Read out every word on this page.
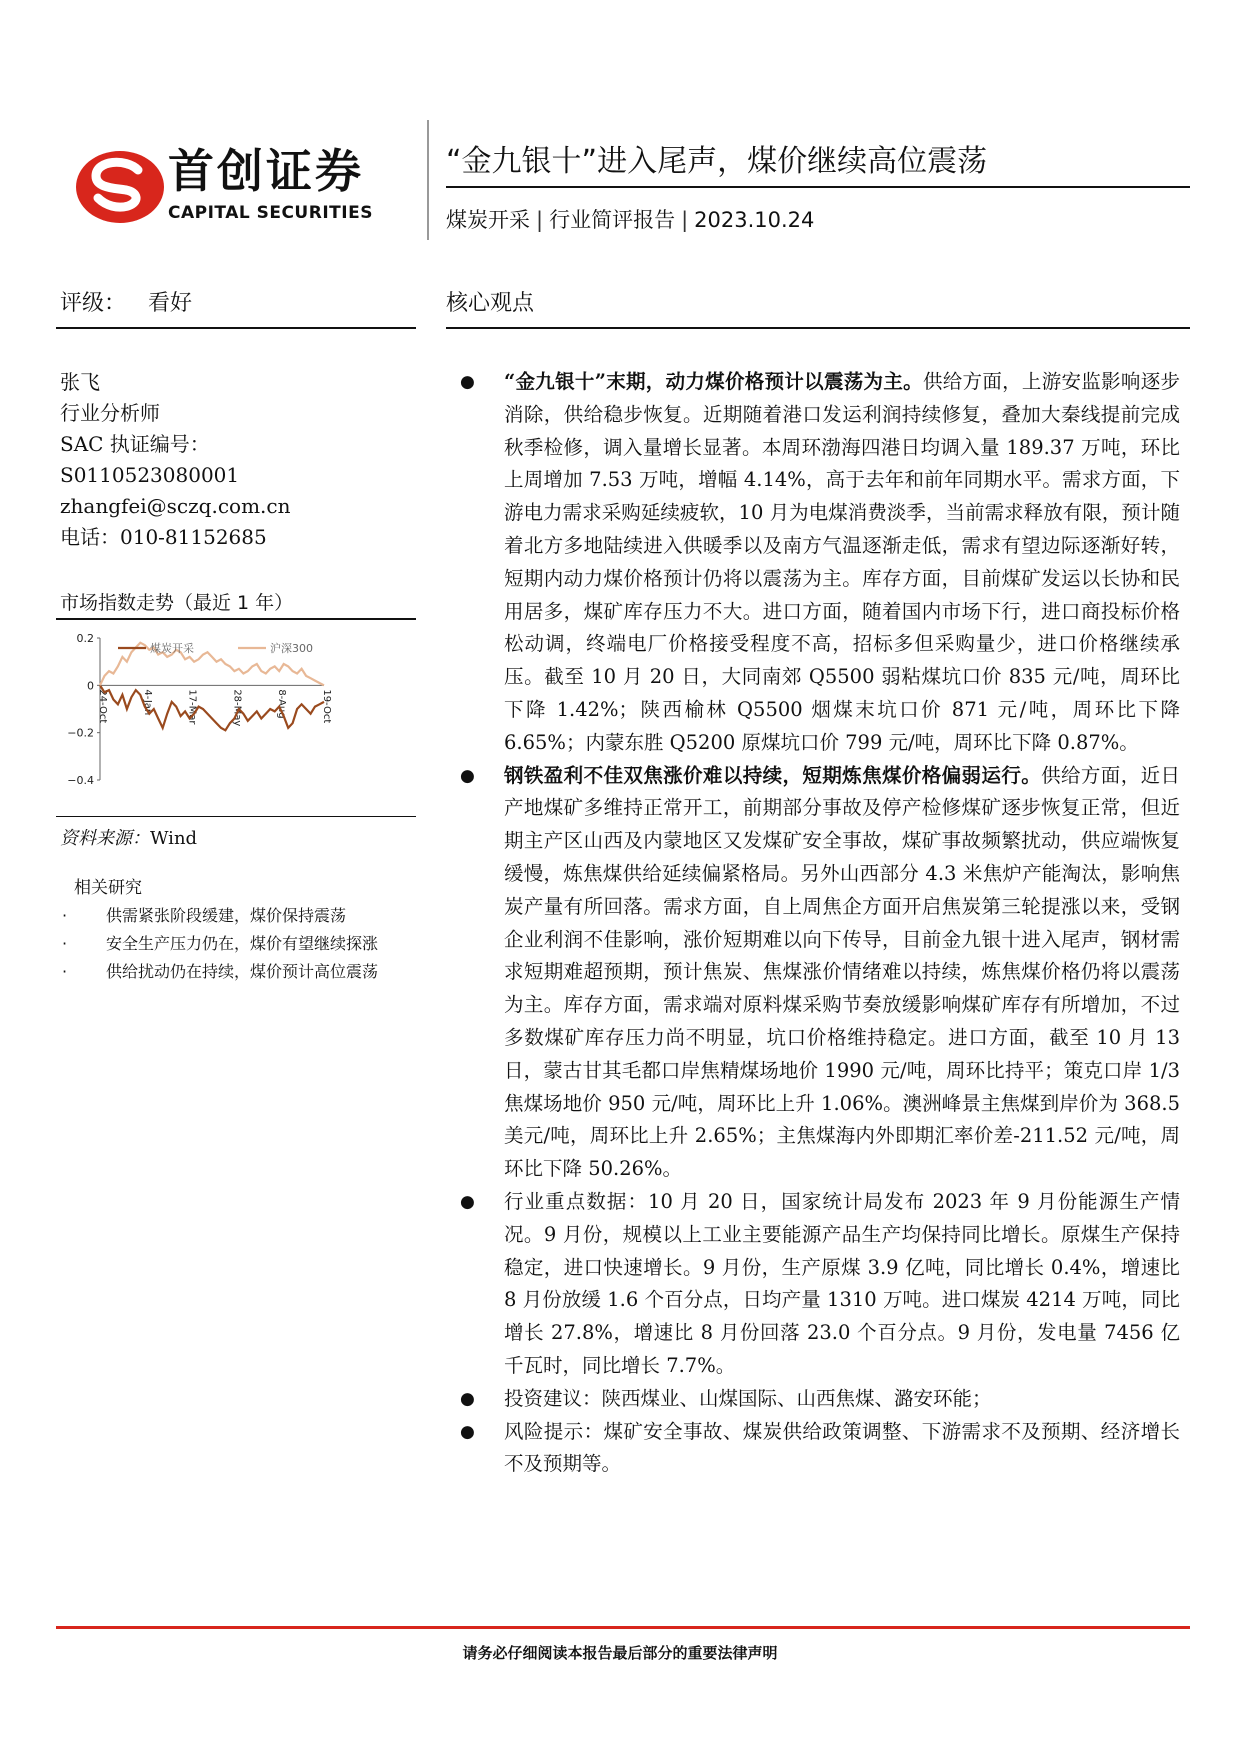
首创证券
CAPITAL SECURITIES
“金九银十”进入尾声，煤价继续高位震荡
煤炭开采 | 行业简评报告 | 2023.10.24
评级： 看好	核心观点
张飞
行业分析师
SAC 执证编号：
S0110523080001
zhangfei@sczq.com.cn
电话：010-81152685
市场指数走势（最近 1 年）
0.2
0
−0.2
−0.4
24-Oct	4-Jan	17-Mar	28-May	8-Aug	19-Oct
煤炭开采	沪深300
资料来源：Wind
相关研究
· 供需紧张阶段缓建，煤价保持震荡
· 安全生产压力仍在，煤价有望继续探涨
· 供给扰动仍在持续，煤价预计高位震荡
● “金九银十”末期，动力煤价格预计以震荡为主。供给方面，上游安监影响逐步消除，供给稳步恢复。近期随着港口发运利润持续修复，叠加大秦线提前完成秋季检修，调入量增长显著。本周环渤海四港日均调入量 189.37 万吨，环比上周增加 7.53 万吨，增幅 4.14%，高于去年和前年同期水平。需求方面，下游电力需求采购延续疲软，10 月为电煤消费淡季，当前需求释放有限，预计随着北方多地陆续进入供暖季以及南方气温逐渐走低，需求有望边际逐渐好转，短期内动力煤价格预计仍将以震荡为主。库存方面，目前煤矿发运以长协和民用居多，煤矿库存压力不大。进口方面，随着国内市场下行，进口商投标价格松动调，终端电厂价格接受程度不高，招标多但采购量少，进口价格继续承压。截至 10 月 20 日，大同南郊 Q5500 弱粘煤坑口价 835 元/吨，周环比下降 1.42%；陕西榆林 Q5500 烟煤末坑口价 871 元/吨，周环比下降 6.65%；内蒙东胜 Q5200 原煤坑口价 799 元/吨，周环比下降 0.87%。
● 钢铁盈利不佳双焦涨价难以持续，短期炼焦煤价格偏弱运行。供给方面，近日产地煤矿多维持正常开工，前期部分事故及停产检修煤矿逐步恢复正常，但近期主产区山西及内蒙地区又发煤矿安全事故，煤矿事故频繁扰动，供应端恢复缓慢，炼焦煤供给延续偏紧格局。另外山西部分 4.3 米焦炉产能淘汰，影响焦炭产量有所回落。需求方面，自上周焦企方面开启焦炭第三轮提涨以来，受钢企业利润不佳影响，涨价短期难以向下传导，目前金九银十进入尾声，钢材需求短期难超预期，预计焦炭、焦煤涨价情绪难以持续，炼焦煤价格仍将以震荡为主。库存方面，需求端对原料煤采购节奏放缓影响煤矿库存有所增加，不过多数煤矿库存压力尚不明显，坑口价格维持稳定。进口方面，截至 10 月 13 日，蒙古甘其毛都口岸焦精煤场地价 1990 元/吨，周环比持平；策克口岸 1/3 焦煤场地价 950 元/吨，周环比上升 1.06%。澳洲峰景主焦煤到岸价为 368.5 美元/吨，周环比上升 2.65%；主焦煤海内外即期汇率价差-211.52 元/吨，周环比下降 50.26%。
● 行业重点数据：10 月 20 日，国家统计局发布 2023 年 9 月份能源生产情况。9 月份，规模以上工业主要能源产品生产均保持同比增长。原煤生产保持稳定，进口快速增长。9 月份，生产原煤 3.9 亿吨，同比增长 0.4%，增速比 8 月份放缓 1.6 个百分点，日均产量 1310 万吨。进口煤炭 4214 万吨，同比增长 27.8%，增速比 8 月份回落 23.0 个百分点。9 月份，发电量 7456 亿千瓦时，同比增长 7.7%。
● 投资建议：陕西煤业、山煤国际、山西焦煤、潞安环能；
● 风险提示：煤矿安全事故、煤炭供给政策调整、下游需求不及预期、经济增长不及预期等。
请务必仔细阅读本报告最后部分的重要法律声明
